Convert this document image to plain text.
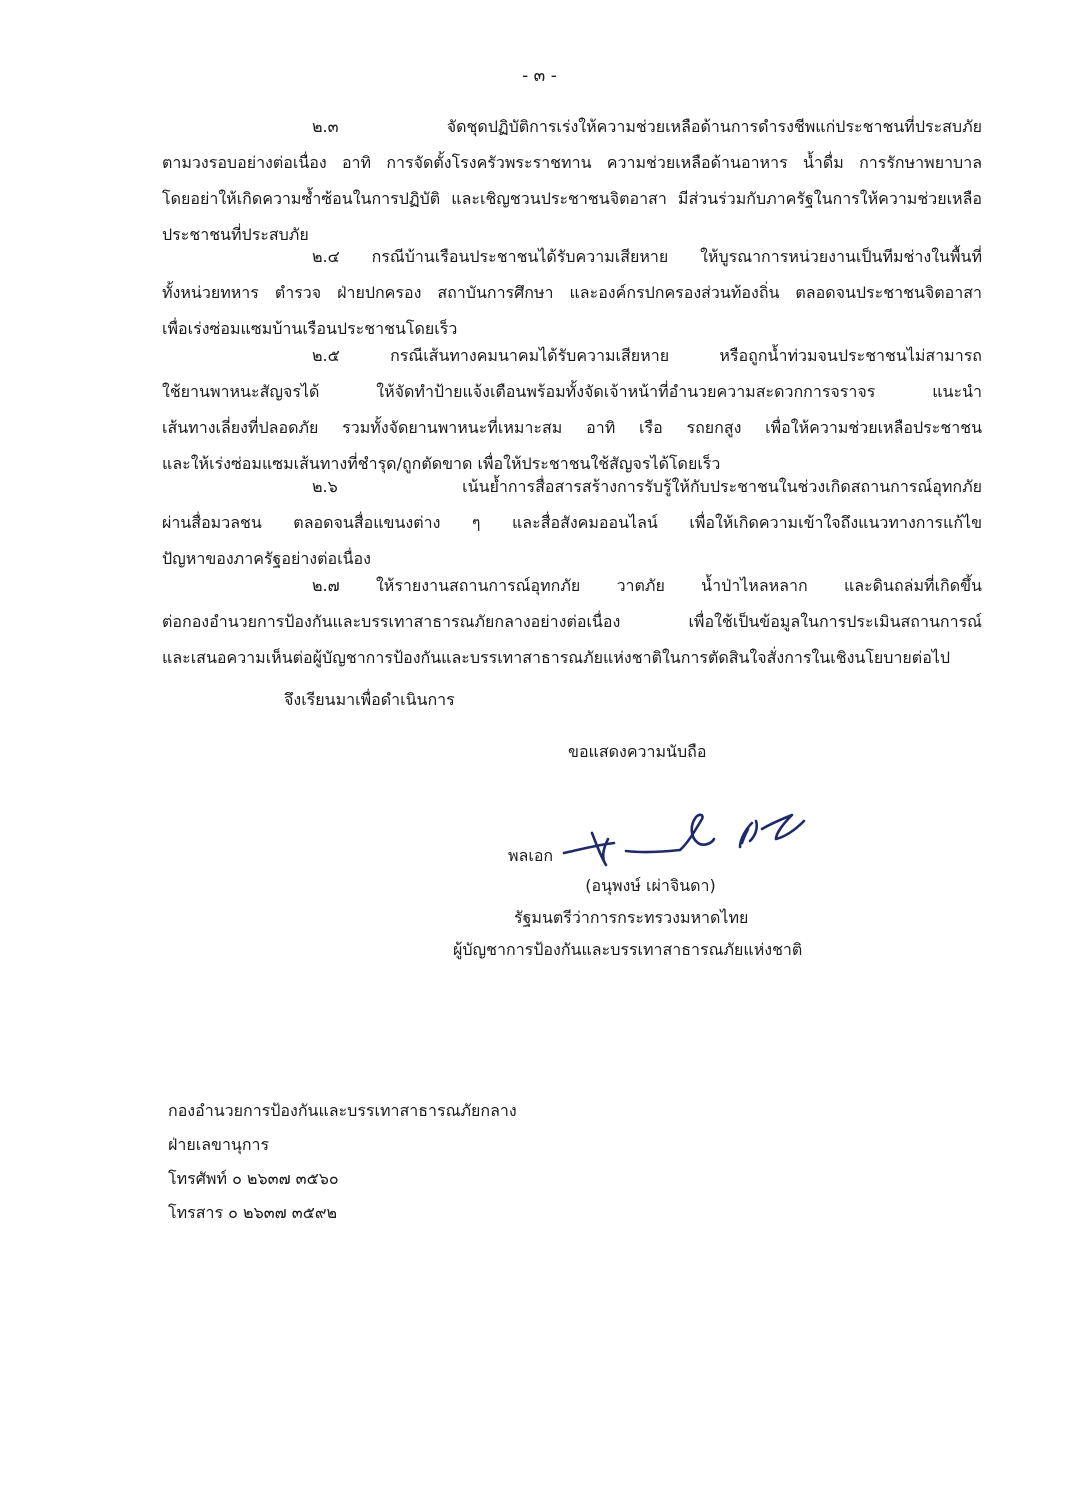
- ๓ -
๒.๓ จัดชุดปฏิบัติการเร่งให้ความช่วยเหลือด้านการดำรงชีพแก่ประชาชนที่ประสบภัย
ตามวงรอบอย่างต่อเนื่อง อาทิ การจัดตั้งโรงครัวพระราชทาน ความช่วยเหลือด้านอาหาร น้ำดื่ม การรักษาพยาบาล
โดยอย่าให้เกิดความซ้ำซ้อนในการปฏิบัติ และเชิญชวนประชาชนจิตอาสา มีส่วนร่วมกับภาครัฐในการให้ความช่วยเหลือ
ประชาชนที่ประสบภัย
๒.๔ กรณีบ้านเรือนประชาชนได้รับความเสียหาย ให้บูรณาการหน่วยงานเป็นทีมช่างในพื้นที่
ทั้งหน่วยทหาร ตำรวจ ฝ่ายปกครอง สถาบันการศึกษา และองค์กรปกครองส่วนท้องถิ่น ตลอดจนประชาชนจิตอาสา
เพื่อเร่งซ่อมแซมบ้านเรือนประชาชนโดยเร็ว
๒.๕ กรณีเส้นทางคมนาคมได้รับความเสียหาย หรือถูกน้ำท่วมจนประชาชนไม่สามารถ
ใช้ยานพาหนะสัญจรได้ ให้จัดทำป้ายแจ้งเตือนพร้อมทั้งจัดเจ้าหน้าที่อำนวยความสะดวกการจราจร แนะนำ
เส้นทางเลี่ยงที่ปลอดภัย รวมทั้งจัดยานพาหนะที่เหมาะสม อาทิ เรือ รถยกสูง เพื่อให้ความช่วยเหลือประชาชน
และให้เร่งซ่อมแซมเส้นทางที่ชำรุด/ถูกตัดขาด เพื่อให้ประชาชนใช้สัญจรได้โดยเร็ว
๒.๖ เน้นย้ำการสื่อสารสร้างการรับรู้ให้กับประชาชนในช่วงเกิดสถานการณ์อุทกภัย
ผ่านสื่อมวลชน ตลอดจนสื่อแขนงต่าง ๆ และสื่อสังคมออนไลน์ เพื่อให้เกิดความเข้าใจถึงแนวทางการแก้ไข
ปัญหาของภาครัฐอย่างต่อเนื่อง
๒.๗ ให้รายงานสถานการณ์อุทกภัย วาตภัย น้ำป่าไหลหลาก และดินถล่มที่เกิดขึ้น
ต่อกองอำนวยการป้องกันและบรรเทาสาธารณภัยกลางอย่างต่อเนื่อง เพื่อใช้เป็นข้อมูลในการประเมินสถานการณ์
และเสนอความเห็นต่อผู้บัญชาการป้องกันและบรรเทาสาธารณภัยแห่งชาติในการตัดสินใจสั่งการในเชิงนโยบายต่อไป
จึงเรียนมาเพื่อดำเนินการ
ขอแสดงความนับถือ
พลเอก
(อนุพงษ์ เผ่าจินดา)
รัฐมนตรีว่าการกระทรวงมหาดไทย
ผู้บัญชาการป้องกันและบรรเทาสาธารณภัยแห่งชาติ
กองอำนวยการป้องกันและบรรเทาสาธารณภัยกลาง
ฝ่ายเลขานุการ
โทรศัพท์ ๐ ๒๖๓๗ ๓๕๖๐
โทรสาร ๐ ๒๖๓๗ ๓๕๙๒
